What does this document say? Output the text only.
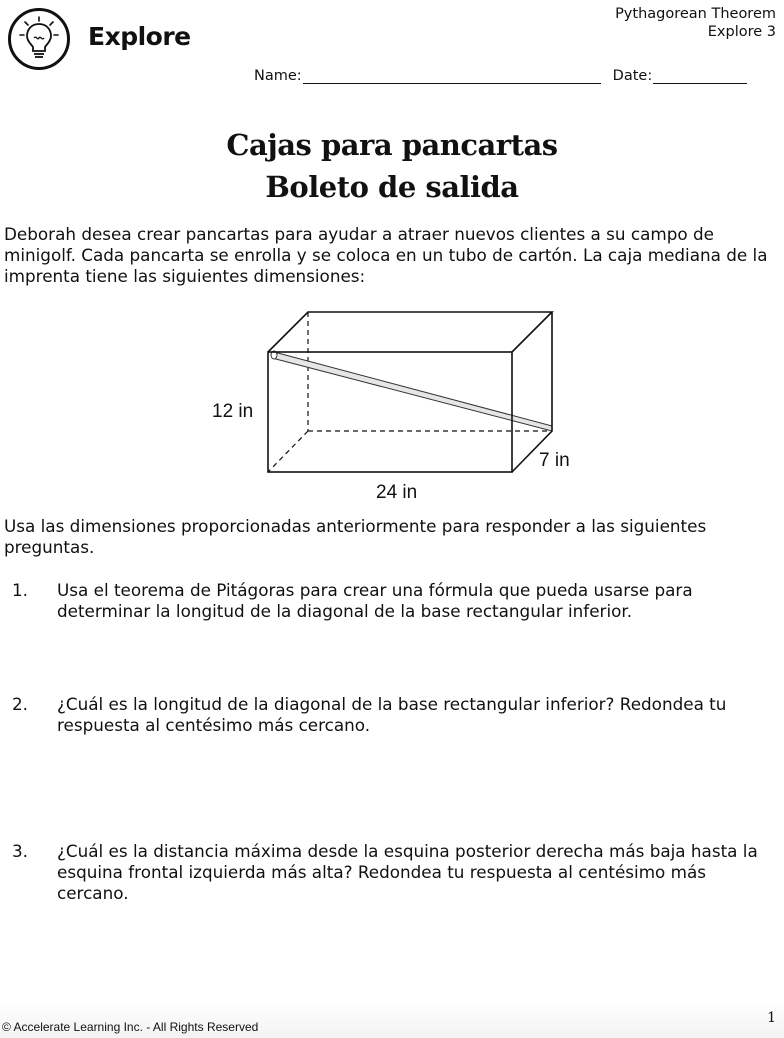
Explore
Pythagorean Theorem
Explore 3
Name:	Date:
Cajas para pancartas
Boleto de salida
Deborah desea crear pancartas para ayudar a atraer nuevos clientes a su campo de minigolf. Cada pancarta se enrolla y se coloca en un tubo de cartón. La caja mediana de la imprenta tiene las siguientes dimensiones:
12 in
7 in
24 in
Usa las dimensiones proporcionadas anteriormente para responder a las siguientes preguntas.
1. Usa el teorema de Pitágoras para crear una fórmula que pueda usarse para determinar la longitud de la diagonal de la base rectangular inferior.
2. ¿Cuál es la longitud de la diagonal de la base rectangular inferior? Redondea tu respuesta al centésimo más cercano.
3. ¿Cuál es la distancia máxima desde la esquina posterior derecha más baja hasta la esquina frontal izquierda más alta? Redondea tu respuesta al centésimo más cercano.
© Accelerate Learning Inc. - All Rights Reserved
1
